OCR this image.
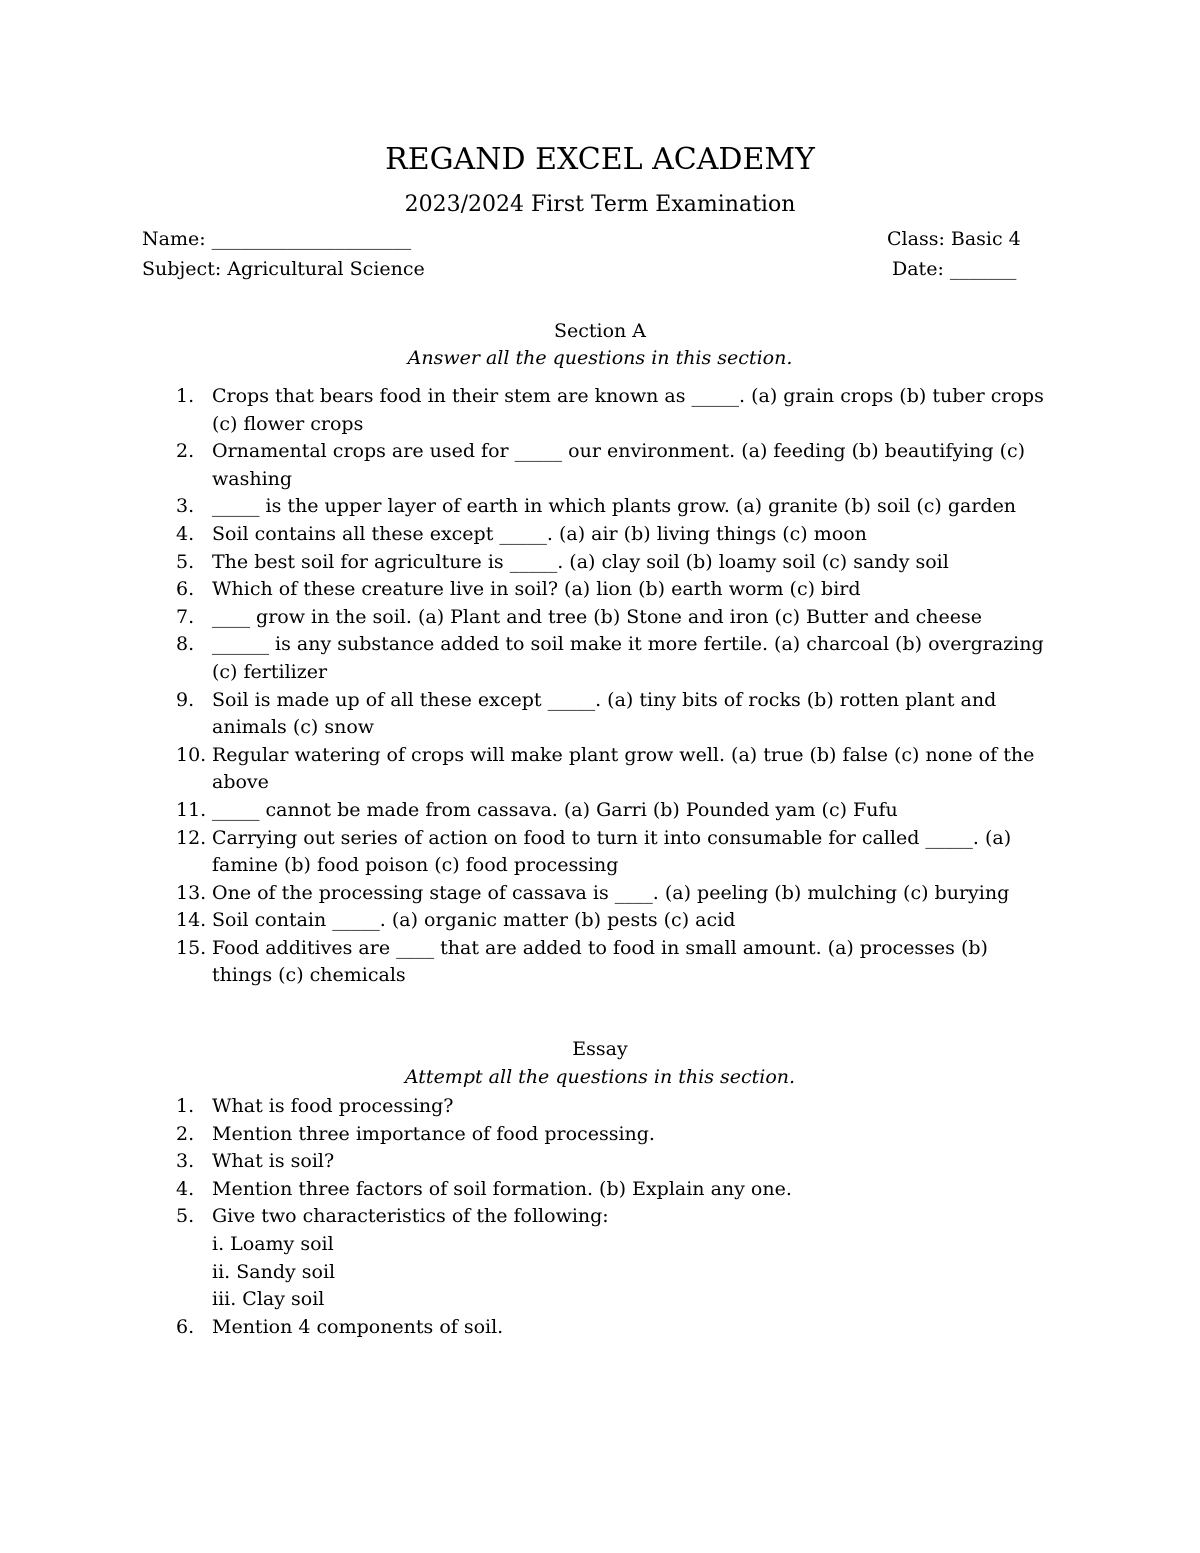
REGAND EXCEL ACADEMY
2023/2024 First Term Examination
Name: _____________________	Class: Basic 4
Subject: Agricultural Science	Date: _______
Section A
Answer all the questions in this section.
1. Crops that bears food in their stem are known as _____. (a) grain crops (b) tuber crops (c) flower crops
2. Ornamental crops are used for _____ our environment. (a) feeding (b) beautifying (c) washing
3. _____ is the upper layer of earth in which plants grow. (a) granite (b) soil (c) garden
4. Soil contains all these except _____. (a) air (b) living things (c) moon
5. The best soil for agriculture is _____. (a) clay soil (b) loamy soil (c) sandy soil
6. Which of these creature live in soil? (a) lion (b) earth worm (c) bird
7. ____ grow in the soil. (a) Plant and tree (b) Stone and iron (c) Butter and cheese
8. ______ is any substance added to soil make it more fertile. (a) charcoal (b) overgrazing (c) fertilizer
9. Soil is made up of all these except _____. (a) tiny bits of rocks (b) rotten plant and animals (c) snow
10. Regular watering of crops will make plant grow well. (a) true (b) false (c) none of the above
11. _____ cannot be made from cassava. (a) Garri (b) Pounded yam (c) Fufu
12. Carrying out series of action on food to turn it into consumable for called _____. (a) famine (b) food poison (c) food processing
13. One of the processing stage of cassava is ____. (a) peeling (b) mulching (c) burying
14. Soil contain _____. (a) organic matter (b) pests (c) acid
15. Food additives are ____ that are added to food in small amount. (a) processes (b) things (c) chemicals
Essay
Attempt all the questions in this section.
1. What is food processing?
2. Mention three importance of food processing.
3. What is soil?
4. Mention three factors of soil formation. (b) Explain any one.
5. Give two characteristics of the following:
i. Loamy soil
ii. Sandy soil
iii. Clay soil
6. Mention 4 components of soil.
